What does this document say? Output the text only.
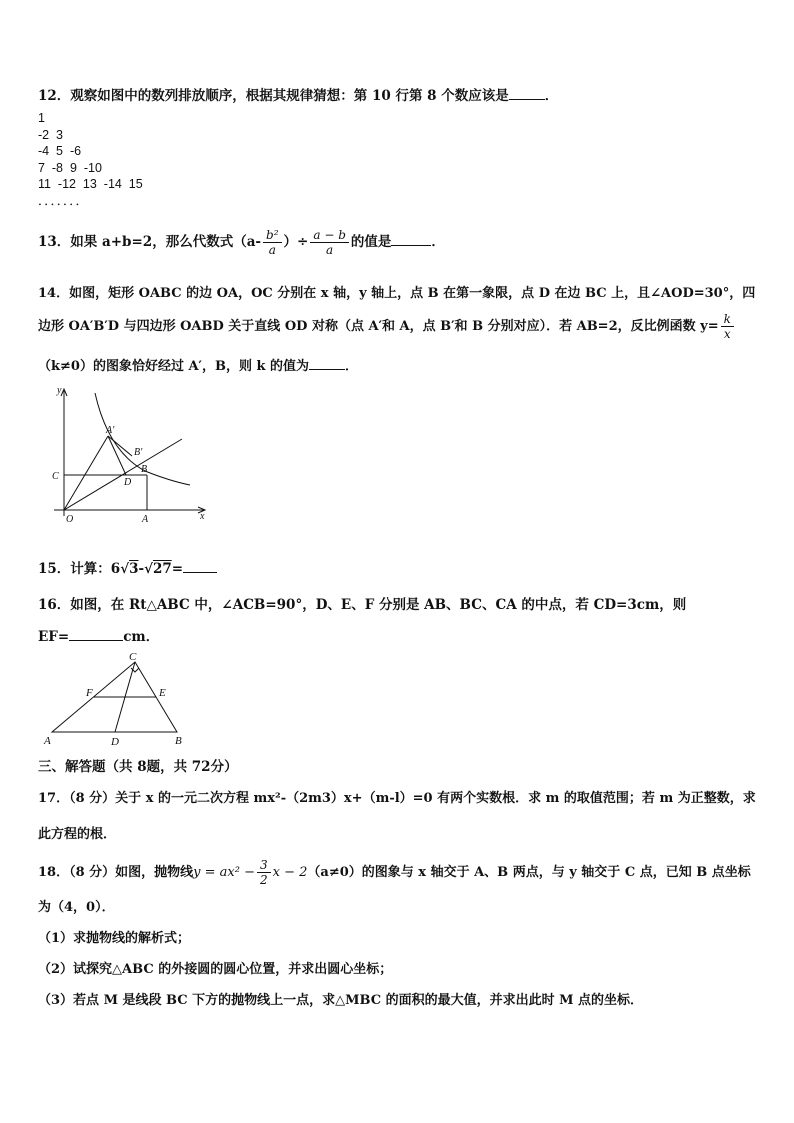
12．观察如图中的数列排放顺序，根据其规律猜想：第 10 行第 8 个数应该是	．
1
-2  3
-4  5  -6
7  -8  9  -10
11  -12  13  -14  15
．．．．．．．
13．如果 a+b=2，那么代数式（$a- \frac{\text{b²}}{a}$ ）÷ $\frac{a - b}{a}$ 的值是	．
14．如图，矩形 OABC 的边 OA，OC 分别在 x 轴，y 轴上，点 B 在第一象限，点 D 在边 BC 上，且∠AOD=30°，四
边形 OA′B′D 与四边形 OABD 关于直线 OD 对称（点 A′和 A，点 B′和 B 分别对应）．若 AB=2，反比例函数 $y= \frac{k}{x}$
（k≠0）的图象恰好经过 A′，B，则 k 的值为	．
y
x
O	A
C
D
B
A′
B′
15．计算：6√3-√27=
16．如图，在 Rt△ABC 中，∠ACB=90°，D、E、F 分别是 AB、BC、CA 的中点，若 CD=3cm，则
EF=	cm．
C
F	E
A	D	B
三、解答题（共 8题，共 72分）
17．（8 分）关于 x 的一元二次方程 mx²-（2m3）x+（m-l）=0 有两个实数根．求 m 的取值范围；若 m 为正整数，求
此方程的根．
18．（8 分）如图，抛物线$y = ax^2 - \frac{3}{2}$ x − 2（a≠0）的图象与 x 轴交于 A、B 两点，与 y 轴交于 C 点，已知 B 点坐标
为（4，0）．
（1）求抛物线的解析式；
（2）试探究△ABC 的外接圆的圆心位置，并求出圆心坐标；
（3）若点 M 是线段 BC 下方的抛物线上一点，求△MBC 的面积的最大值，并求出此时 M 点的坐标．
